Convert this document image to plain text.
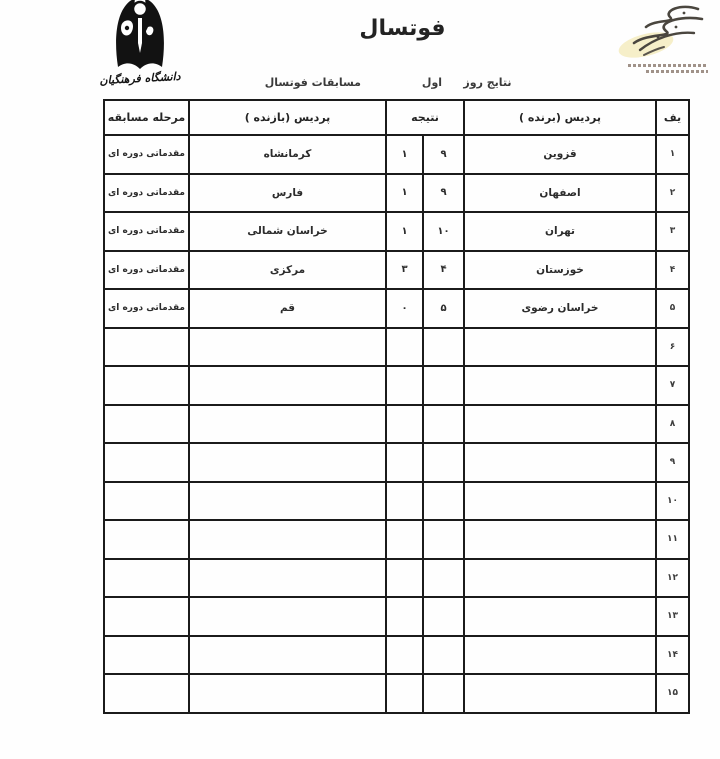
دانشگاه فرهنگیان
فوتسال
نتایج روز
اول
مسابقات فوتسال
يف	پردیس (برنده )	نتیجه		پردیس (بازنده )	مرحله مسابقه
۱	قزوین	۹	۱	کرمانشاه	مقدماتی دوره ای
۲	اصفهان	۹	۱	فارس	مقدماتی دوره ای
۳	تهران	۱۰	۱	خراسان شمالی	مقدماتی دوره ای
۴	خوزستان	۴	۳	مرکزی	مقدماتی دوره ای
۵	خراسان رضوی	۵	۰	قم	مقدماتی دوره ای
۶					
۷					
۸					
۹					
۱۰					
۱۱					
۱۲					
۱۳					
۱۴					
۱۵					
